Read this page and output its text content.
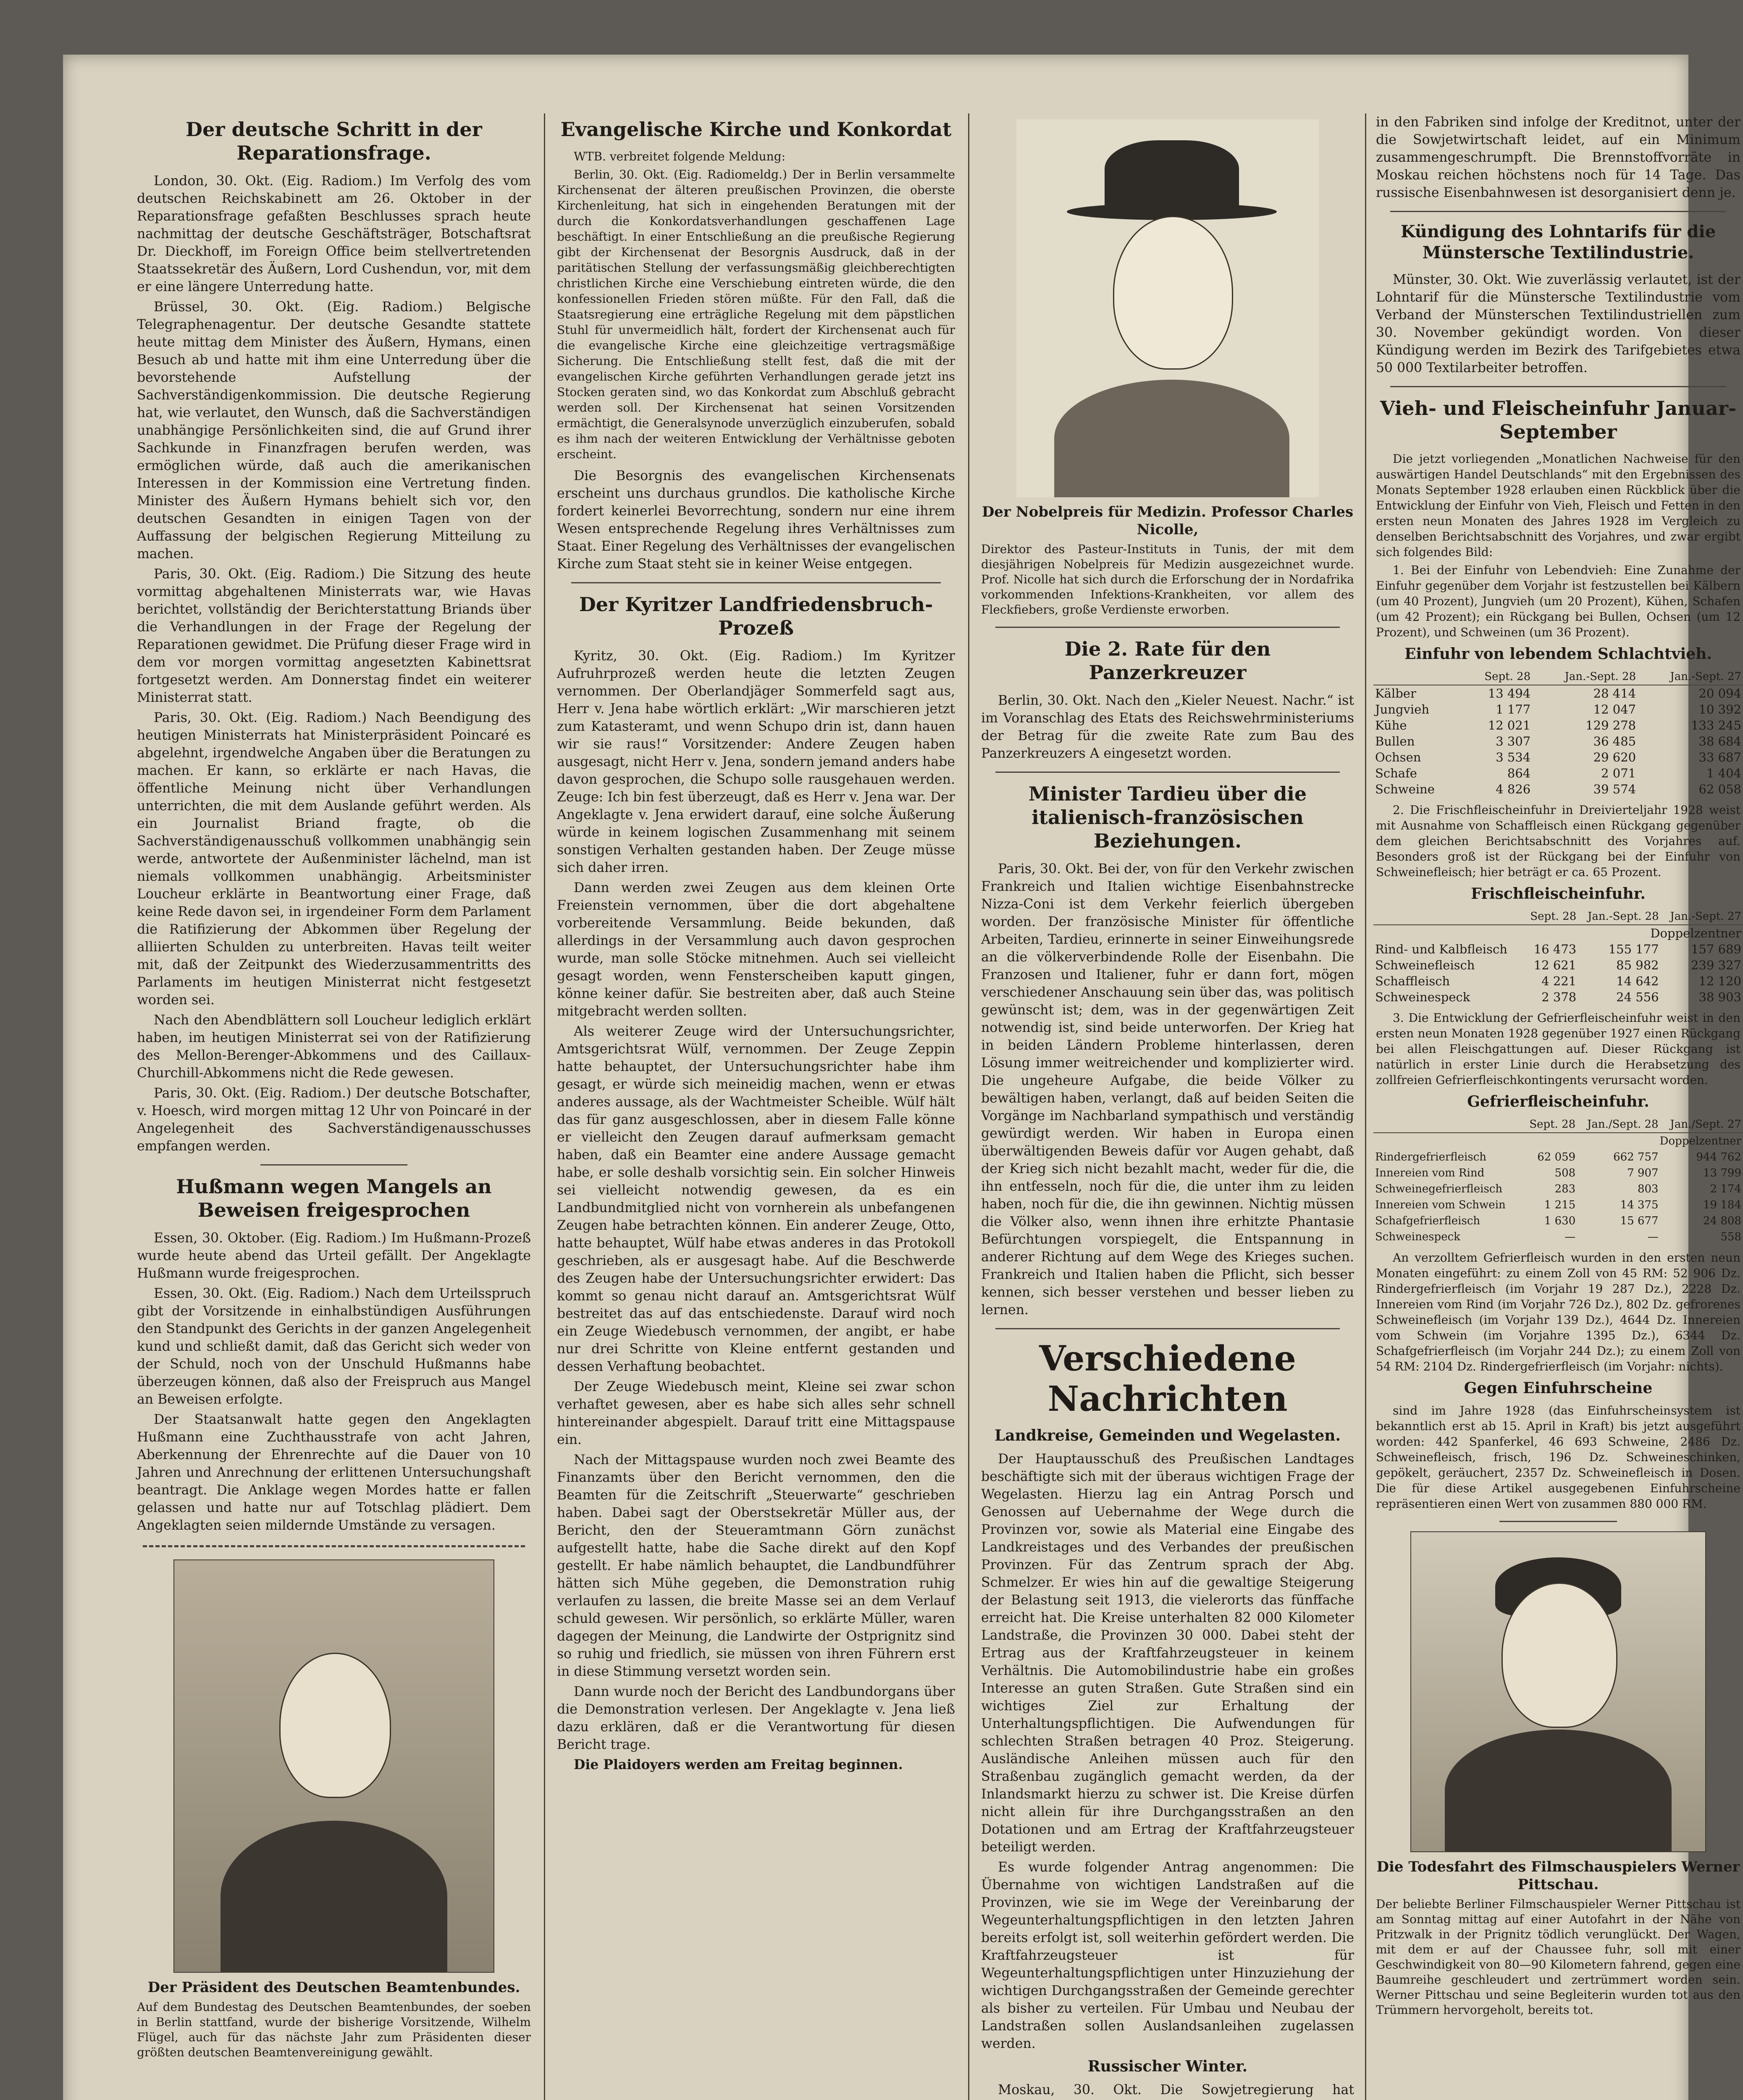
Der deutsche Schritt in der Reparationsfrage.

London, 30. Okt. (Eig. Radiom.) Im Verfolg des vom deutschen Reichskabinett am 26. Oktober in der Reparationsfrage gefaßten Beschlusses sprach heute nachmittag der deutsche Geschäftsträger, Botschaftsrat Dr. Dieckhoff, im Foreign Office beim stellvertretenden Staatssekretär des Äußern, Lord Cushendun, vor, mit dem er eine längere Unterredung hatte.

Brüssel, 30. Okt. (Eig. Radiom.) Belgische Telegraphenagentur. Der deutsche Gesandte stattete heute mittag dem Minister des Äußern, Hymans, einen Besuch ab und hatte mit ihm eine Unterredung über die bevorstehende Aufstellung der Sachverständigenkommission. Die deutsche Regierung hat, wie verlautet, den Wunsch, daß die Sachverständigen unabhängige Persönlichkeiten sind, die auf Grund ihrer Sachkunde in Finanzfragen berufen werden, was ermöglichen würde, daß auch die amerikanischen Interessen in der Kommission eine Vertretung finden. Minister des Äußern Hymans behielt sich vor, den deutschen Gesandten in einigen Tagen von der Auffassung der belgischen Regierung Mitteilung zu machen.

Paris, 30. Okt. (Eig. Radiom.) Die Sitzung des heute vormittag abgehaltenen Ministerrats war, wie Havas berichtet, vollständig der Berichterstattung Briands über die Verhandlungen in der Frage der Regelung der Reparationen gewidmet. Die Prüfung dieser Frage wird in dem vor morgen vormittag angesetzten Kabinettsrat fortgesetzt werden. Am Donnerstag findet ein weiterer Ministerrat statt.

Paris, 30. Okt. (Eig. Radiom.) Nach Beendigung des heutigen Ministerrats hat Ministerpräsident Poincaré es abgelehnt, irgendwelche Angaben über die Beratungen zu machen. Er kann, so erklärte er nach Havas, die öffentliche Meinung nicht über Verhandlungen unterrichten, die mit dem Auslande geführt werden. Als ein Journalist Briand fragte, ob die Sachverständigenausschuß vollkommen unabhängig sein werde, antwortete der Außenminister lächelnd, man ist niemals vollkommen unabhängig. Arbeitsminister Loucheur erklärte in Beantwortung einer Frage, daß keine Rede davon sei, in irgendeiner Form dem Parlament die Ratifizierung der Abkommen über Regelung der alliierten Schulden zu unterbreiten. Havas teilt weiter mit, daß der Zeitpunkt des Wiederzusammentritts des Parlaments im heutigen Ministerrat nicht festgesetzt worden sei.

Nach den Abendblättern soll Loucheur lediglich erklärt haben, im heutigen Ministerrat sei von der Ratifizierung des Mellon-Berenger-Abkommens und des Caillaux-Churchill-Abkommens nicht die Rede gewesen.

Paris, 30. Okt. (Eig. Radiom.) Der deutsche Botschafter, v. Hoesch, wird morgen mittag 12 Uhr von Poincaré in der Angelegenheit des Sachverständigenausschusses empfangen werden.

Hußmann wegen Mangels an Beweisen freigesprochen

Essen, 30. Oktober. (Eig. Radiom.) Im Hußmann-Prozeß wurde heute abend das Urteil gefällt. Der Angeklagte Hußmann wurde freigesprochen.

Essen, 30. Okt. (Eig. Radiom.) Nach dem Urteilsspruch gibt der Vorsitzende in einhalbstündigen Ausführungen den Standpunkt des Gerichts in der ganzen Angelegenheit kund und schließt damit, daß das Gericht sich weder von der Schuld, noch von der Unschuld Hußmanns habe überzeugen können, daß also der Freispruch aus Mangel an Beweisen erfolgte.

Der Staatsanwalt hatte gegen den Angeklagten Hußmann eine Zuchthausstrafe von acht Jahren, Aberkennung der Ehrenrechte auf die Dauer von 10 Jahren und Anrechnung der erlittenen Untersuchungshaft beantragt. Die Anklage wegen Mordes hatte er fallen gelassen und hatte nur auf Totschlag plädiert. Dem Angeklagten seien mildernde Umstände zu versagen.

Der Präsident des Deutschen Beamtenbundes.
Auf dem Bundestag des Deutschen Beamtenbundes, der soeben in Berlin stattfand, wurde der bisherige Vorsitzende, Wilhelm Flügel, auch für das nächste Jahr zum Präsidenten dieser größten deutschen Beamtenvereinigung gewählt.
Evangelische Kirche und Konkordat

WTB. verbreitet folgende Meldung:

Berlin, 30. Okt. (Eig. Radiomeldg.) Der in Berlin versammelte Kirchensenat der älteren preußischen Provinzen, die oberste Kirchenleitung, hat sich in eingehenden Beratungen mit der durch die Konkordatsverhandlungen geschaffenen Lage beschäftigt. In einer Entschließung an die preußische Regierung gibt der Kirchensenat der Besorgnis Ausdruck, daß in der paritätischen Stellung der verfassungsmäßig gleichberechtigten christlichen Kirche eine Verschiebung eintreten würde, die den konfessionellen Frieden stören müßte. Für den Fall, daß die Staatsregierung eine erträgliche Regelung mit dem päpstlichen Stuhl für unvermeidlich hält, fordert der Kirchensenat auch für die evangelische Kirche eine gleichzeitige vertragsmäßige Sicherung. Die Entschließung stellt fest, daß die mit der evangelischen Kirche geführten Verhandlungen gerade jetzt ins Stocken geraten sind, wo das Konkordat zum Abschluß gebracht werden soll. Der Kirchensenat hat seinen Vorsitzenden ermächtigt, die Generalsynode unverzüglich einzuberufen, sobald es ihm nach der weiteren Entwicklung der Verhältnisse geboten erscheint.

Die Besorgnis des evangelischen Kirchensenats erscheint uns durchaus grundlos. Die katholische Kirche fordert keinerlei Bevorrechtung, sondern nur eine ihrem Wesen entsprechende Regelung ihres Verhältnisses zum Staat. Einer Regelung des Verhältnisses der evangelischen Kirche zum Staat steht sie in keiner Weise entgegen.

Der Kyritzer Landfriedensbruch-Prozeß

Kyritz, 30. Okt. (Eig. Radiom.) Im Kyritzer Aufruhrprozeß werden heute die letzten Zeugen vernommen. Der Oberlandjäger Sommerfeld sagt aus, Herr v. Jena habe wörtlich erklärt: „Wir marschieren jetzt zum Katasteramt, und wenn Schupo drin ist, dann hauen wir sie raus!“ Vorsitzender: Andere Zeugen haben ausgesagt, nicht Herr v. Jena, sondern jemand anders habe davon gesprochen, die Schupo solle rausgehauen werden. Zeuge: Ich bin fest überzeugt, daß es Herr v. Jena war. Der Angeklagte v. Jena erwidert darauf, eine solche Äußerung würde in keinem logischen Zusammenhang mit seinem sonstigen Verhalten gestanden haben. Der Zeuge müsse sich daher irren.

Dann werden zwei Zeugen aus dem kleinen Orte Freienstein vernommen, über die dort abgehaltene vorbereitende Versammlung. Beide bekunden, daß allerdings in der Versammlung auch davon gesprochen wurde, man solle Stöcke mitnehmen. Auch sei vielleicht gesagt worden, wenn Fensterscheiben kaputt gingen, könne keiner dafür. Sie bestreiten aber, daß auch Steine mitgebracht werden sollten.

Als weiterer Zeuge wird der Untersuchungsrichter, Amtsgerichtsrat Wülf, vernommen. Der Zeuge Zeppin hatte behauptet, der Untersuchungsrichter habe ihm gesagt, er würde sich meineidig machen, wenn er etwas anderes aussage, als der Wachtmeister Scheible. Wülf hält das für ganz ausgeschlossen, aber in diesem Falle könne er vielleicht den Zeugen darauf aufmerksam gemacht haben, daß ein Beamter eine andere Aussage gemacht habe, er solle deshalb vorsichtig sein. Ein solcher Hinweis sei vielleicht notwendig gewesen, da es ein Landbundmitglied nicht von vornherein als unbefangenen Zeugen habe betrachten können. Ein anderer Zeuge, Otto, hatte behauptet, Wülf habe etwas anderes in das Protokoll geschrieben, als er ausgesagt habe. Auf die Beschwerde des Zeugen habe der Untersuchungsrichter erwidert: Das kommt so genau nicht darauf an. Amtsgerichtsrat Wülf bestreitet das auf das entschiedenste. Darauf wird noch ein Zeuge Wiedebusch vernommen, der angibt, er habe nur drei Schritte von Kleine entfernt gestanden und dessen Verhaftung beobachtet.

Der Zeuge Wiedebusch meint, Kleine sei zwar schon verhaftet gewesen, aber es habe sich alles sehr schnell hintereinander abgespielt. Darauf tritt eine Mittagspause ein.

Nach der Mittagspause wurden noch zwei Beamte des Finanzamts über den Bericht vernommen, den die Beamten für die Zeitschrift „Steuerwarte“ geschrieben haben. Dabei sagt der Oberstsekretär Müller aus, der Bericht, den der Steueramtmann Görn zunächst aufgestellt hatte, habe die Sache direkt auf den Kopf gestellt. Er habe nämlich behauptet, die Landbundführer hätten sich Mühe gegeben, die Demonstration ruhig verlaufen zu lassen, die breite Masse sei an dem Verlauf schuld gewesen. Wir persönlich, so erklärte Müller, waren dagegen der Meinung, die Landwirte der Ostprignitz sind so ruhig und friedlich, sie müssen von ihren Führern erst in diese Stimmung versetzt worden sein.

Dann wurde noch der Bericht des Landbundorgans über die Demonstration verlesen. Der Angeklagte v. Jena ließ dazu erklären, daß er die Verantwortung für diesen Bericht trage.

Die Plaidoyers werden am Freitag beginnen.

Der Nobelpreis für Medizin. Professor Charles Nicolle,
Direktor des Pasteur-Instituts in Tunis, der mit dem diesjährigen Nobelpreis für Medizin ausgezeichnet wurde. Prof. Nicolle hat sich durch die Erforschung der in Nordafrika vorkommenden Infektions-Krankheiten, vor allem des Fleckfiebers, große Verdienste erworben.
Die 2. Rate für den Panzerkreuzer

Berlin, 30. Okt. Nach den „Kieler Neuest. Nachr.“ ist im Voranschlag des Etats des Reichswehrministeriums der Betrag für die zweite Rate zum Bau des Panzerkreuzers A eingesetzt worden.

Minister Tardieu über die italienisch-französischen Beziehungen.

Paris, 30. Okt. Bei der, von für den Verkehr zwischen Frankreich und Italien wichtige Eisenbahnstrecke Nizza-Coni ist dem Verkehr feierlich übergeben worden. Der französische Minister für öffentliche Arbeiten, Tardieu, erinnerte in seiner Einweihungsrede an die völkerverbindende Rolle der Eisenbahn. Die Franzosen und Italiener, fuhr er dann fort, mögen verschiedener Anschauung sein über das, was politisch gewünscht ist; dem, was in der gegenwärtigen Zeit notwendig ist, sind beide unterworfen. Der Krieg hat in beiden Ländern Probleme hinterlassen, deren Lösung immer weitreichender und komplizierter wird. Die ungeheure Aufgabe, die beide Völker zu bewältigen haben, verlangt, daß auf beiden Seiten die Vorgänge im Nachbarland sympathisch und verständig gewürdigt werden. Wir haben in Europa einen überwältigenden Beweis dafür vor Augen gehabt, daß der Krieg sich nicht bezahlt macht, weder für die, die ihn entfesseln, noch für die, die unter ihm zu leiden haben, noch für die, die ihn gewinnen. Nichtig müssen die Völker also, wenn ihnen ihre erhitzte Phantasie Befürchtungen vorspiegelt, die Entspannung in anderer Richtung auf dem Wege des Krieges suchen. Frankreich und Italien haben die Pflicht, sich besser kennen, sich besser verstehen und besser lieben zu lernen.

Verschiedene Nachrichten
Landkreise, Gemeinden und Wegelasten.

Der Hauptausschuß des Preußischen Landtages beschäftigte sich mit der überaus wichtigen Frage der Wegelasten. Hierzu lag ein Antrag Porsch und Genossen auf Uebernahme der Wege durch die Provinzen vor, sowie als Material eine Eingabe des Landkreistages und des Verbandes der preußischen Provinzen. Für das Zentrum sprach der Abg. Schmelzer. Er wies hin auf die gewaltige Steigerung der Belastung seit 1913, die vielerorts das fünffache erreicht hat. Die Kreise unterhalten 82 000 Kilometer Landstraße, die Provinzen 30 000. Dabei steht der Ertrag aus der Kraftfahrzeugsteuer in keinem Verhältnis. Die Automobilindustrie habe ein großes Interesse an guten Straßen. Gute Straßen sind ein wichtiges Ziel zur Erhaltung der Unterhaltungspflichtigen. Die Aufwendungen für schlechten Straßen betragen 40 Proz. Steigerung. Ausländische Anleihen müssen auch für den Straßenbau zugänglich gemacht werden, da der Inlandsmarkt hierzu zu schwer ist. Die Kreise dürfen nicht allein für ihre Durchgangsstraßen an den Dotationen und am Ertrag der Kraftfahrzeugsteuer beteiligt werden.

Es wurde folgender Antrag angenommen: Die Übernahme von wichtigen Landstraßen auf die Provinzen, wie sie im Wege der Vereinbarung der Wegeunterhaltungspflichtigen in den letzten Jahren bereits erfolgt ist, soll weiterhin gefördert werden. Die Kraftfahrzeugsteuer ist für Wegeunterhaltungspflichtigen unter Hinzuziehung der wichtigen Durchgangsstraßen der Gemeinde gerechter als bisher zu verteilen. Für Umbau und Neubau der Landstraßen sollen Auslandsanleihen zugelassen werden.

Russischer Winter.

Moskau, 30. Okt. Die Sowjetregierung hat

in den Fabriken sind infolge der Kreditnot, unter der die Sowjetwirtschaft leidet, auf ein Minimum zusammengeschrumpft. Die Brennstoffvorräte in Moskau reichen höchstens noch für 14 Tage. Das russische Eisenbahnwesen ist desorganisiert denn je.

Kündigung des Lohntarifs für die Münstersche Textilindustrie.

Münster, 30. Okt. Wie zuverlässig verlautet, ist der Lohntarif für die Münstersche Textilindustrie vom Verband der Münsterschen Textilindustriellen zum 30. November gekündigt worden. Von dieser Kündigung werden im Bezirk des Tarifgebietes etwa 50 000 Textilarbeiter betroffen.

Vieh- und Fleischeinfuhr Januar-September

Die jetzt vorliegenden „Monatlichen Nachweise für den auswärtigen Handel Deutschlands“ mit den Ergebnissen des Monats September 1928 erlauben einen Rückblick über die Entwicklung der Einfuhr von Vieh, Fleisch und Fetten in den ersten neun Monaten des Jahres 1928 im Vergleich zu denselben Berichtsabschnitt des Vorjahres, und zwar ergibt sich folgendes Bild:

1. Bei der Einfuhr von Lebendvieh: Eine Zunahme der Einfuhr gegenüber dem Vorjahr ist festzustellen bei Kälbern (um 40 Prozent), Jungvieh (um 20 Prozent), Kühen, Schafen (um 42 Prozent); ein Rückgang bei Bullen, Ochsen (um 12 Prozent), und Schweinen (um 36 Prozent).

Einfuhr von lebendem Schlachtvieh.
	Sept. 28	Jan.-Sept. 28	Jan.-Sept. 27
Kälber	13 494	28 414	20 094
Jungvieh	1 177	12 047	10 392
Kühe	12 021	129 278	133 245
Bullen	3 307	36 485	38 684
Ochsen	3 534	29 620	33 687
Schafe	864	2 071	1 404
Schweine	4 826	39 574	62 058

2. Die Frischfleischeinfuhr in Dreivierteljahr 1928 weist mit Ausnahme von Schaffleisch einen Rückgang gegenüber dem gleichen Berichtsabschnitt des Vorjahres auf. Besonders groß ist der Rückgang bei der Einfuhr von Schweinefleisch; hier beträgt er ca. 65 Prozent.

Frischfleischeinfuhr.
	Sept. 28	Jan.-Sept. 28	Jan.-Sept. 27
	Doppelzentner		
Rind- und Kalbfleisch	16 473	155 177	157 689
Schweinefleisch	12 621	85 982	239 327
Schaffleisch	4 221	14 642	12 120
Schweinespeck	2 378	24 556	38 903

3. Die Entwicklung der Gefrierfleischeinfuhr weist in den ersten neun Monaten 1928 gegenüber 1927 einen Rückgang bei allen Fleischgattungen auf. Dieser Rückgang ist natürlich in erster Linie durch die Herabsetzung des zollfreien Gefrierfleischkontingents verursacht worden.

Gefrierfleischeinfuhr.
	Sept. 28	Jan./Sept. 28	Jan./Sept. 27
	Doppelzentner		
Rindergefrierfleisch	62 059	662 757	944 762
Innereien vom Rind	508	7 907	13 799
Schweinegefrierfleisch	283	803	2 174
Innereien vom Schwein	1 215	14 375	19 184
Schafgefrierfleisch	1 630	15 677	24 808
Schweinespeck	—	—	558

An verzolltem Gefrierfleisch wurden in den ersten neun Monaten eingeführt: zu einem Zoll von 45 RM: 52 906 Dz. Rindergefrierfleisch (im Vorjahr 19 287 Dz.), 2228 Dz. Innereien vom Rind (im Vorjahr 726 Dz.), 802 Dz. gefrorenes Schweinefleisch (im Vorjahr 139 Dz.), 4644 Dz. Innereien vom Schwein (im Vorjahre 1395 Dz.), 6344 Dz. Schafgefrierfleisch (im Vorjahr 244 Dz.); zu einem Zoll von 54 RM: 2104 Dz. Rindergefrierfleisch (im Vorjahr: nichts).

Gegen Einfuhrscheine

sind im Jahre 1928 (das Einfuhrscheinsystem ist bekanntlich erst ab 15. April in Kraft) bis jetzt ausgeführt worden: 442 Spanferkel, 46 693 Schweine, 2486 Dz. Schweinefleisch, frisch, 196 Dz. Schweineschinken, gepökelt, geräuchert, 2357 Dz. Schweinefleisch in Dosen. Die für diese Artikel ausgegebenen Einfuhrscheine repräsentieren einen Wert von zusammen 880 000 RM.

Die Todesfahrt des Filmschauspielers Werner Pittschau.
Der beliebte Berliner Filmschauspieler Werner Pittschau ist am Sonntag mittag auf einer Autofahrt in der Nähe von Pritzwalk in der Prignitz tödlich verunglückt. Der Wagen, mit dem er auf der Chaussee fuhr, soll mit einer Geschwindigkeit von 80—90 Kilometern fahrend, gegen eine Baumreihe geschleudert und zertrümmert worden sein. Werner Pittschau und seine Begleiterin wurden tot aus den Trümmern hervorgeholt, bereits tot.
